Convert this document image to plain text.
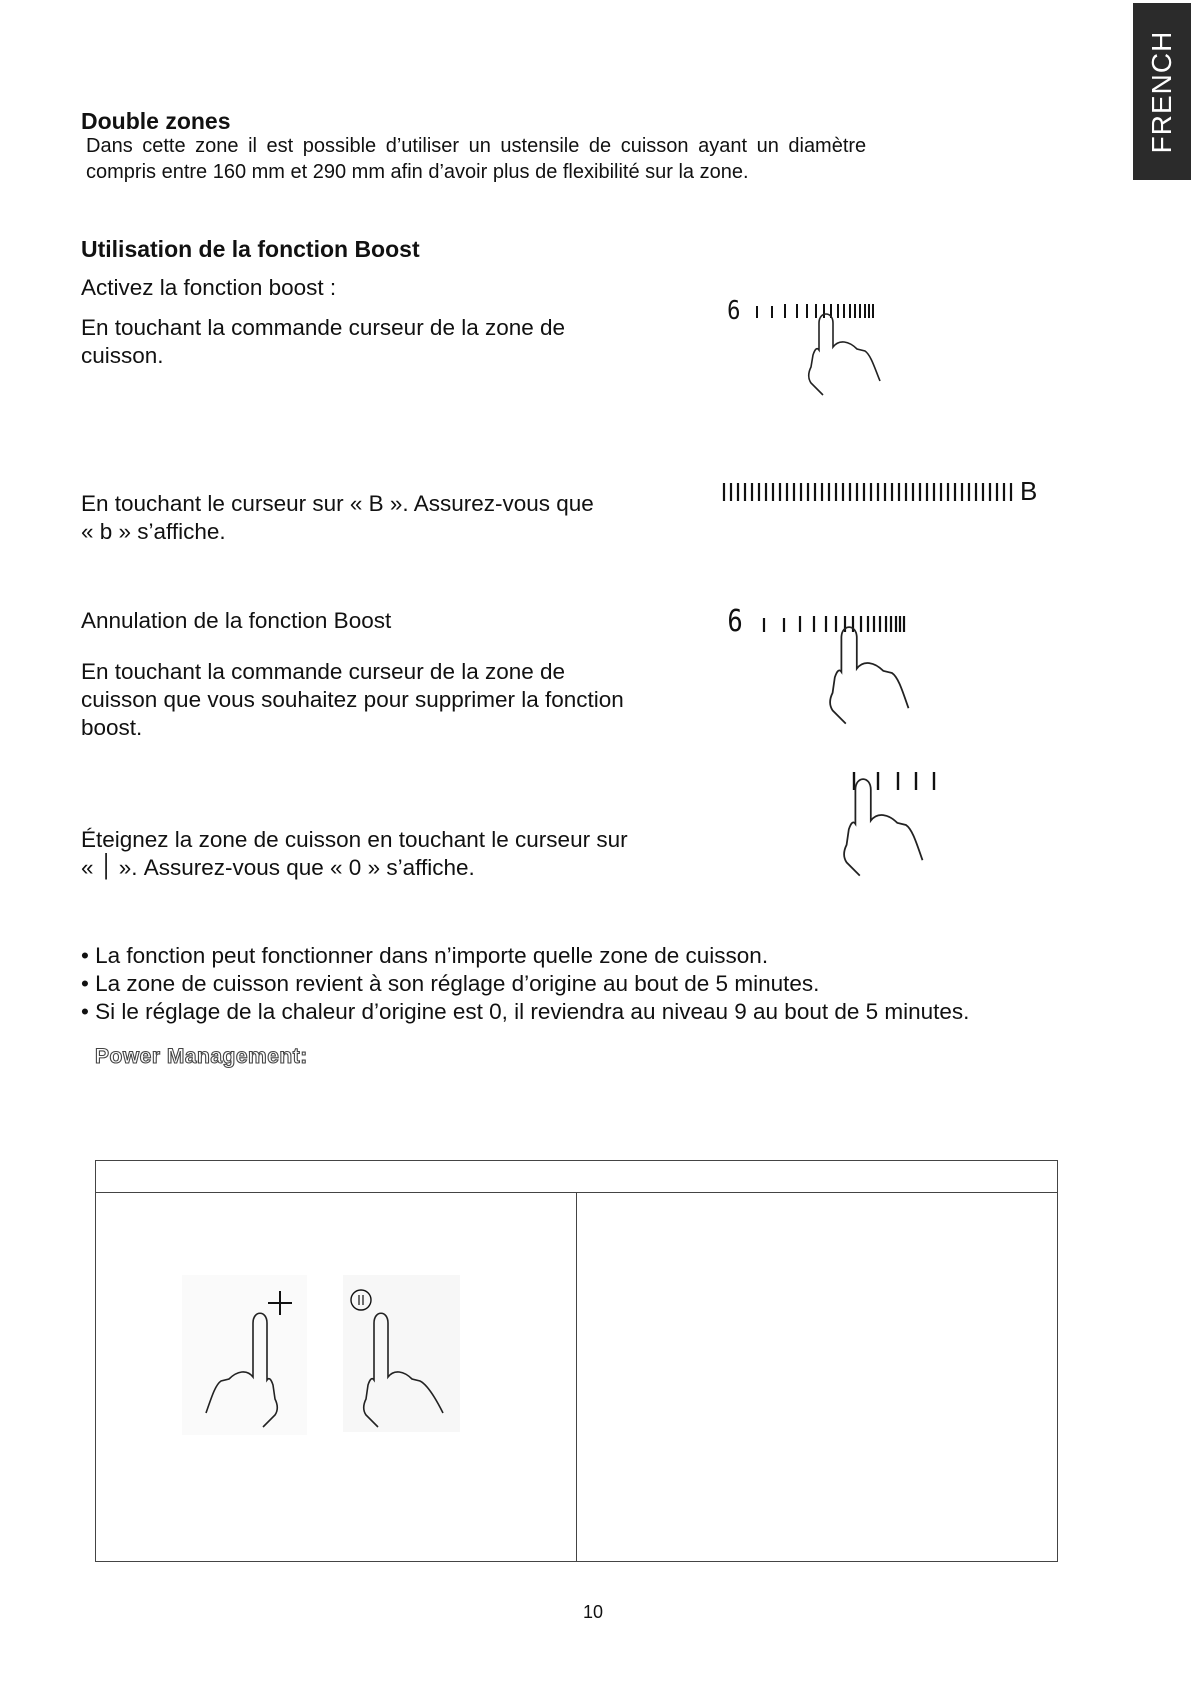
FRENCH
Double zones
Dans cette zone il est possible d’utiliser un ustensile de cuisson ayant un diamètre
compris entre 160 mm et 290 mm afin d’avoir plus de flexibilité sur la zone.
Utilisation de la fonction Boost
Activez la fonction boost :
En touchant la commande curseur de la zone de
cuisson.
En touchant le curseur sur « B ». Assurez-vous que
« b » s’affiche.
Annulation de la fonction Boost
En touchant la commande curseur de la zone de
cuisson que vous souhaitez pour supprimer la fonction
boost.
Éteignez la zone de cuisson en touchant le curseur sur
« ׀ ». Assurez-vous que « 0 » s’affiche.
6
B
6
• La fonction peut fonctionner dans n’importe quelle zone de cuisson.
• La zone de cuisson revient à son réglage d’origine au bout de 5 minutes.
• Si le réglage de la chaleur d’origine est 0, il reviendra au niveau 9 au bout de 5 minutes.
Power Management:
10
